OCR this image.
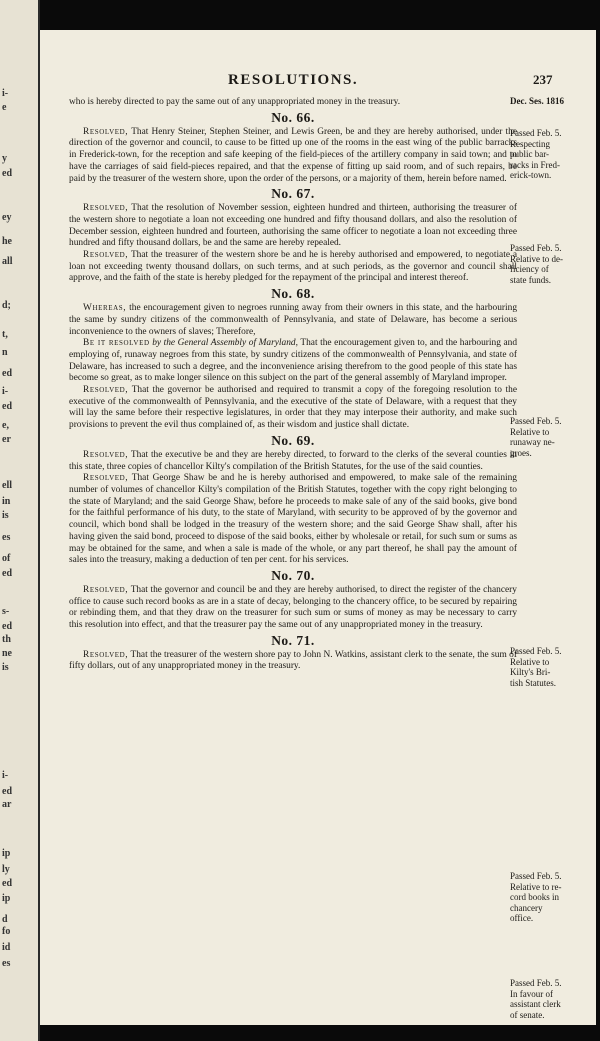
i-
e
y
ed
ey
he
all
d;
t,
n
ed
i-
ed
e,
er
ell
in
is
es
of
ed
s-
ed
th
ne
is
i-
ed
ar
ip
ly
ed
ip
d
fo
id
es
RESOLUTIONS.	237

who is hereby directed to pay the same out of any unappropriated money in the treasury.

No. 66.

Resolved, That Henry Steiner, Stephen Steiner, and Lewis Green, be and they are hereby authorised, under the direction of the governor and council, to cause to be fitted up one of the rooms in the east wing of the public barracks in Frederick-town, for the reception and safe keeping of the field-pieces of the artillery company in said town; and to have the carriages of said field-pieces repaired, and that the expense of fitting up said room, and of such repairs, be paid by the treasurer of the western shore, upon the order of the persons, or a majority of them, herein before named.

No. 67.

Resolved, That the resolution of November session, eighteen hundred and thirteen, authorising the treasurer of the western shore to negotiate a loan not exceeding one hundred and fifty thousand dollars, and also the resolution of December session, eighteen hundred and fourteen, authorising the same officer to negotiate a loan not exceeding three hundred and fifty thousand dollars, be and the same are hereby repealed.

Resolved, That the treasurer of the western shore be and he is hereby authorised and empowered, to negotiate a loan not exceeding twenty thousand dollars, on such terms, and at such periods, as the governor and council shall approve, and the faith of the state is hereby pledged for the repayment of the principal and interest thereof.

No. 68.

Whereas, the encouragement given to negroes running away from their owners in this state, and the harbouring the same by sundry citizens of the commonwealth of Pennsylvania, and state of Delaware, has become a serious inconvenience to the owners of slaves; Therefore,

Be it resolved by the General Assembly of Maryland, That the encouragement given to, and the harbouring and employing of, runaway negroes from this state, by sundry citizens of the commonwealth of Pennsylvania, and state of Delaware, has increased to such a degree, and the inconvenience arising therefrom to the good people of this state has become so great, as to make longer silence on this subject on the part of the general assembly of Maryland improper.

Resolved, That the governor be authorised and required to transmit a copy of the foregoing resolution to the executive of the commonwealth of Pennsylvania, and the executive of the state of Delaware, with a request that they will lay the same before their respective legislatures, in order that they may interpose their authority, and make such provisions to prevent the evil thus complained of, as their wisdom and justice shall dictate.

No. 69.

Resolved, That the executive be and they are hereby directed, to forward to the clerks of the several counties in this state, three copies of chancellor Kilty's compilation of the British Statutes, for the use of the said counties.

Resolved, That George Shaw be and he is hereby authorised and empowered, to make sale of the remaining number of volumes of chancellor Kilty's compilation of the British Statutes, together with the copy right belonging to the state of Maryland; and the said George Shaw, before he proceeds to make sale of any of the said books, give bond for the faithful performance of his duty, to the state of Maryland, with security to be approved of by the governor and council, which bond shall be lodged in the treasury of the western shore; and the said George Shaw shall, after his having given the said bond, proceed to dispose of the said books, either by wholesale or retail, for such sum or sums as may be obtained for the same, and when a sale is made of the whole, or any part thereof, he shall pay the amount of sales into the treasury, making a deduction of ten per cent. for his services.

No. 70.

Resolved, That the governor and council be and they are hereby authorised, to direct the register of the chancery office to cause such record books as are in a state of decay, belonging to the chancery office, to be secured by repairing or rebinding them, and that they draw on the treasurer for such sum or sums of money as may be necessary to carry this resolution into effect, and that the treasurer pay the same out of any unappropriated money in the treasury.

No. 71.

Resolved, That the treasurer of the western shore pay to John N. Watkins, assistant clerk to the senate, the sum of fifty dollars, out of any unappropriated money in the treasury.

Dec. Ses. 1816
Passed Feb. 5.
Respecting
public bar-
racks in Fred-
erick-town.
Passed Feb. 5.
Relative to de-
ficiency of
state funds.
Passed Feb. 5.
Relative to
runaway ne-
groes.
Passed Feb. 5.
Relative to
Kilty's Bri-
tish Statutes.
Passed Feb. 5.
Relative to re-
cord books in
chancery
office.
Passed Feb. 5.
In favour of
assistant clerk
of senate.
